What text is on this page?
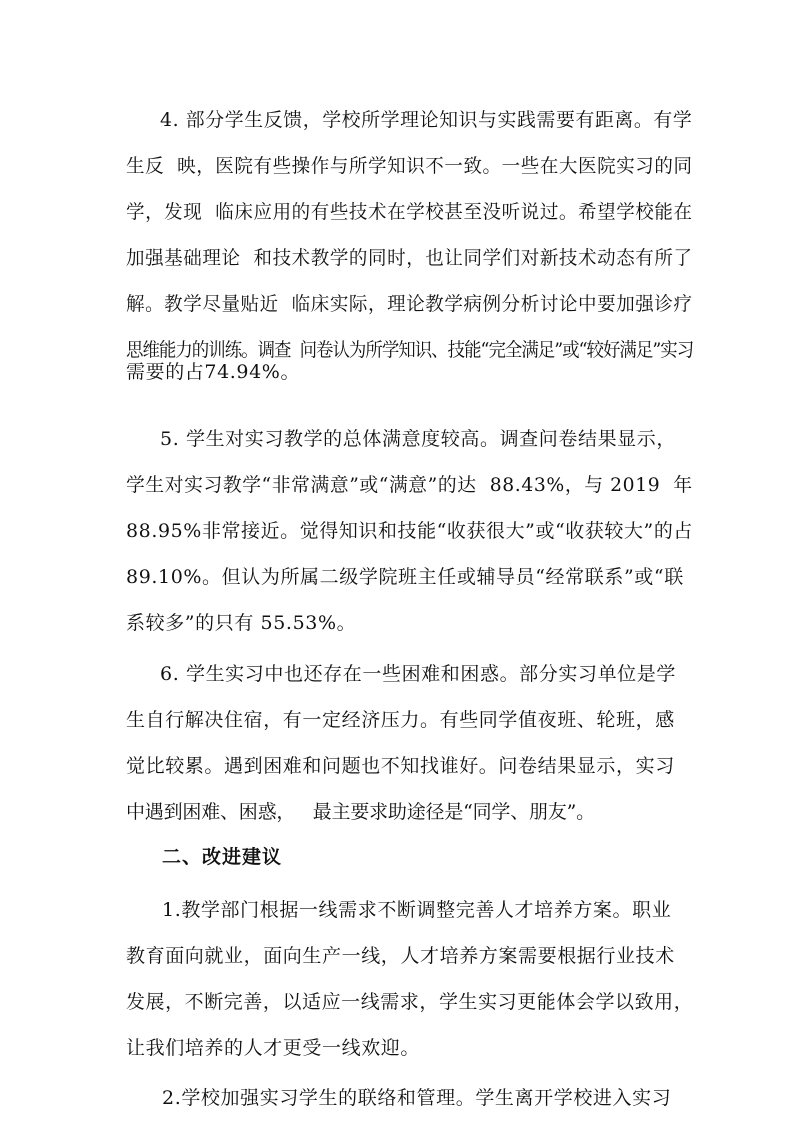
4. 部分学生反馈，学校所学理论知识与实践需要有距离。有学

生反  映，医院有些操作与所学知识不一致。一些在大医院实习的同

学，发现  临床应用的有些技术在学校甚至没听说过。希望学校能在

加强基础理论  和技术教学的同时，也让同学们对新技术动态有所了

解。教学尽量贴近  临床实际，理论教学病例分析讨论中要加强诊疗

思维能力的训练。调查  问卷认为所学知识、技能“完全满足”或“较好满足”实习

需要的占74.94%。

5. 学生对实习教学的总体满意度较高。调查问卷结果显示，

学生对实习教学“非常满意”或“满意”的达  88.43%，与 2019  年

88.95%非常接近。觉得知识和技能“收获很大”或“收获较大”的占

89.10%。但认为所属二级学院班主任或辅导员“经常联系”或“联

系较多”的只有 55.53%。

6. 学生实习中也还存在一些困难和困惑。部分实习单位是学

生自行解决住宿，有一定经济压力。有些同学值夜班、轮班，感

觉比较累。遇到困难和问题也不知找谁好。问卷结果显示，实习

中遇到困难、困惑，   最主要求助途径是“同学、朋友”。

二、改进建议

1.教学部门根据一线需求不断调整完善人才培养方案。职业

教育面向就业，面向生产一线，人才培养方案需要根据行业技术

发展，不断完善，以适应一线需求，学生实习更能体会学以致用，

让我们培养的人才更受一线欢迎。

2.学校加强实习学生的联络和管理。学生离开学校进入实习
